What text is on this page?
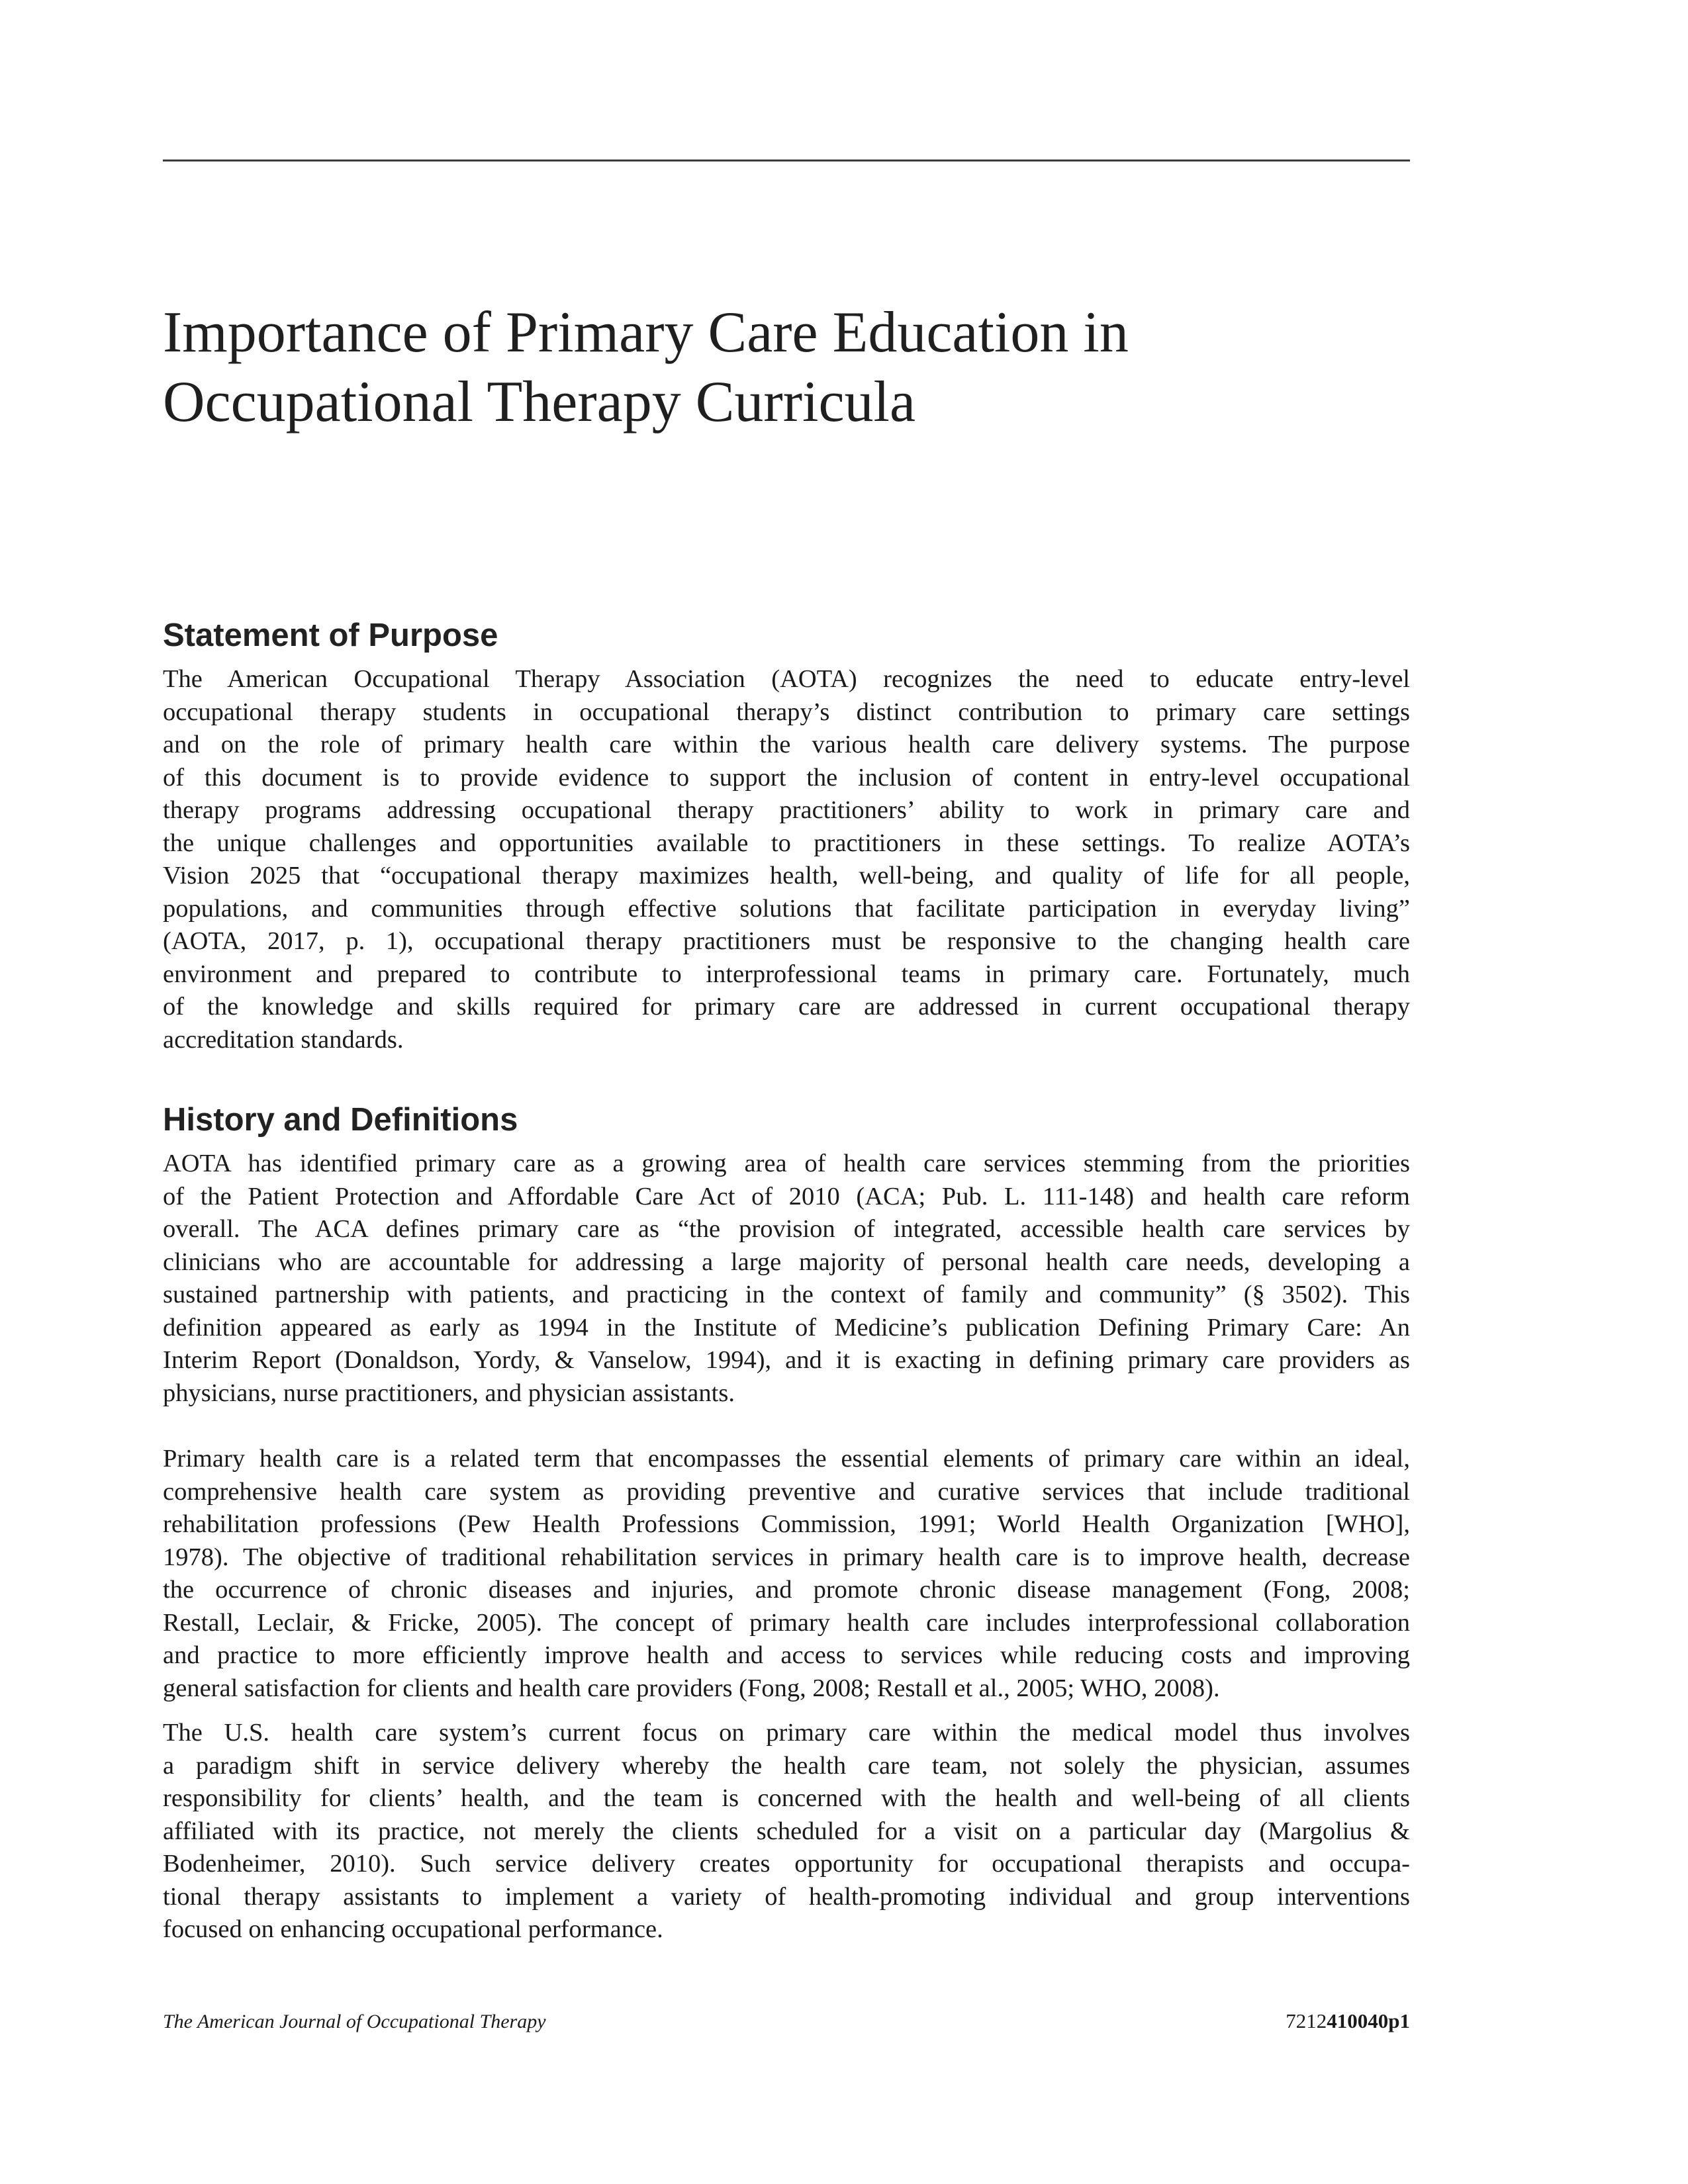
Importance of Primary Care Education in
Occupational Therapy Curricula
Statement of Purpose

The American Occupational Therapy Association (AOTA) recognizes the need to educate entry-level
occupational therapy students in occupational therapy’s distinct contribution to primary care settings
and on the role of primary health care within the various health care delivery systems. The purpose
of this document is to provide evidence to support the inclusion of content in entry-level occupational
therapy programs addressing occupational therapy practitioners’ ability to work in primary care and
the unique challenges and opportunities available to practitioners in these settings. To realize AOTA’s
Vision 2025 that “occupational therapy maximizes health, well-being, and quality of life for all people,
populations, and communities through effective solutions that facilitate participation in everyday living”
(AOTA, 2017, p. 1), occupational therapy practitioners must be responsive to the changing health care
environment and prepared to contribute to interprofessional teams in primary care. Fortunately, much
of the knowledge and skills required for primary care are addressed in current occupational therapy
accreditation standards.

History and Definitions

AOTA has identified primary care as a growing area of health care services stemming from the priorities
of the Patient Protection and Affordable Care Act of 2010 (ACA; Pub. L. 111-148) and health care reform
overall. The ACA defines primary care as “the provision of integrated, accessible health care services by
clinicians who are accountable for addressing a large majority of personal health care needs, developing a
sustained partnership with patients, and practicing in the context of family and community” (§ 3502). This
definition appeared as early as 1994 in the Institute of Medicine’s publication Defining Primary Care: An
Interim Report (Donaldson, Yordy, & Vanselow, 1994), and it is exacting in defining primary care providers as
physicians, nurse practitioners, and physician assistants.

Primary health care is a related term that encompasses the essential elements of primary care within an ideal,
comprehensive health care system as providing preventive and curative services that include traditional
rehabilitation professions (Pew Health Professions Commission, 1991; World Health Organization [WHO],
1978). The objective of traditional rehabilitation services in primary health care is to improve health, decrease
the occurrence of chronic diseases and injuries, and promote chronic disease management (Fong, 2008;
Restall, Leclair, & Fricke, 2005). The concept of primary health care includes interprofessional collaboration
and practice to more efficiently improve health and access to services while reducing costs and improving
general satisfaction for clients and health care providers (Fong, 2008; Restall et al., 2005; WHO, 2008).

The U.S. health care system’s current focus on primary care within the medical model thus involves
a paradigm shift in service delivery whereby the health care team, not solely the physician, assumes
responsibility for clients’ health, and the team is concerned with the health and well-being of all clients
affiliated with its practice, not merely the clients scheduled for a visit on a particular day (Margolius &
Bodenheimer, 2010). Such service delivery creates opportunity for occupational therapists and occupa-
tional therapy assistants to implement a variety of health-promoting individual and group interventions
focused on enhancing occupational performance.

The American Journal of Occupational Therapy	7212410040p1
